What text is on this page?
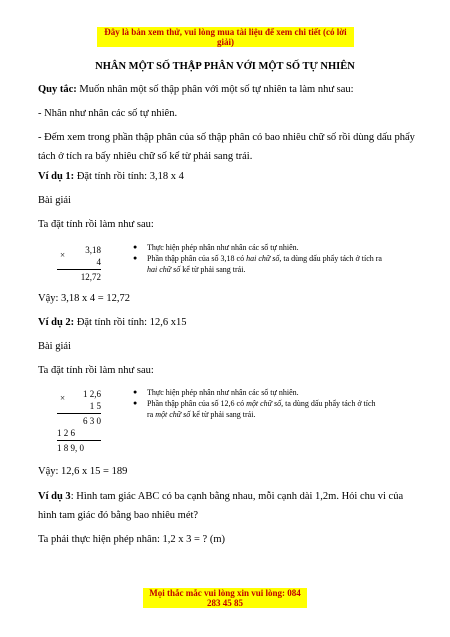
Đây là bản xem thử, vui lòng mua tài liệu để xem chi tiết (có lời giải)
NHÂN MỘT SỐ THẬP PHÂN VỚI MỘT SỐ TỰ NHIÊN
Quy tắc: Muốn nhân một số thập phân với một số tự nhiên ta làm như sau:
- Nhân như nhân các số tự nhiên.
- Đếm xem trong phần thập phân của số thập phân có bao nhiêu chữ số rồi dùng dấu phẩy tách ở tích ra bấy nhiêu chữ số kể từ phải sang trái.
Ví dụ 1: Đặt tính rồi tính: 3,18 x 4
Bài giải
Ta đặt tính rồi làm như sau:
3,18
4
12,72
×
● Thực hiện phép nhân như nhân các số tự nhiên.
● Phần thập phân của số 3,18 có hai chữ số, ta dùng dấu phẩy tách ở tích ra hai chữ số kể từ phải sang trái.
Vậy: 3,18 x 4 = 12,72
Ví dụ 2: Đặt tính rồi tính: 12,6 x15
Bài giải
Ta đặt tính rồi làm như sau:
1 2,6
1 5
6 3 0
1 2 6
1 8 9, 0
×
● Thực hiện phép nhân như nhân các số tự nhiên.
● Phần thập phân của số 12,6 có một chữ số, ta dùng dấu phẩy tách ở tích ra một chữ số kể từ phải sang trái.
Vậy: 12,6 x 15 = 189
Ví dụ 3: Hình tam giác ABC có ba cạnh bằng nhau, mỗi cạnh dài 1,2m. Hỏi chu vi của hình tam giác đó bằng bao nhiêu mét?
Ta phải thực hiện phép nhân: 1,2 x 3 = ? (m)
Mọi thắc mắc vui lòng xin vui lòng: 084 283 45 85
